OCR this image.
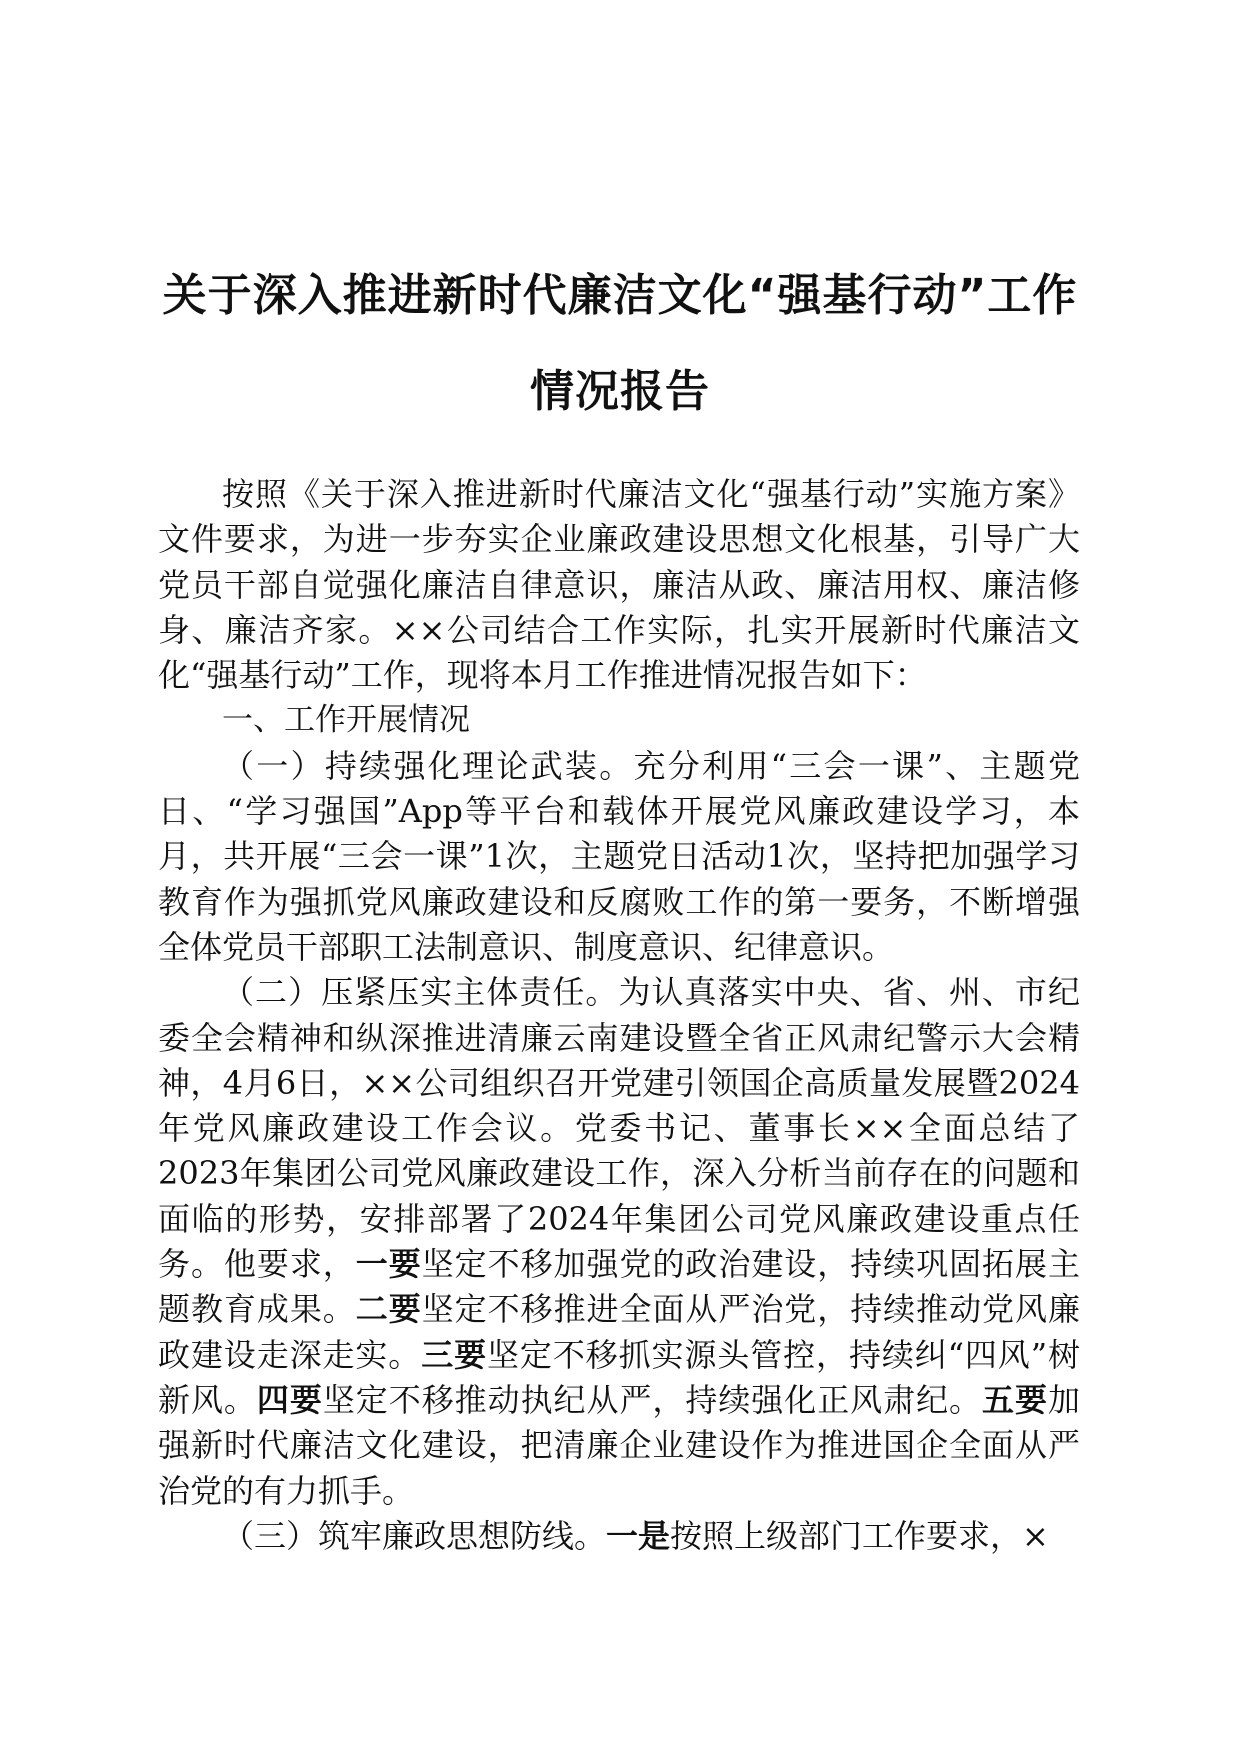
关于深入推进新时代廉洁文化“强基行动”工作情况报告

按照《关于深入推进新时代廉洁文化“强基行动”实施方案》文件要求，为进一步夯实企业廉政建设思想文化根基，引导广大党员干部自觉强化廉洁自律意识，廉洁从政、廉洁用权、廉洁修身、廉洁齐家。××公司结合工作实际，扎实开展新时代廉洁文化“强基行动”工作，现将本月工作推进情况报告如下：

一、工作开展情况

（一）持续强化理论武装。充分利用“三会一课”、主题党日、“学习强国”App等平台和载体开展党风廉政建设学习，本月，共开展“三会一课”1次，主题党日活动1次，坚持把加强学习教育作为强抓党风廉政建设和反腐败工作的第一要务，不断增强全体党员干部职工法制意识、制度意识、纪律意识。

（二）压紧压实主体责任。为认真落实中央、省、州、市纪委全会精神和纵深推进清廉云南建设暨全省正风肃纪警示大会精神，4月6日，××公司组织召开党建引领国企高质量发展暨2024年党风廉政建设工作会议。党委书记、董事长××全面总结了2023年集团公司党风廉政建设工作，深入分析当前存在的问题和面临的形势，安排部署了2024年集团公司党风廉政建设重点任务。他要求，一要坚定不移加强党的政治建设，持续巩固拓展主题教育成果。二要坚定不移推进全面从严治党，持续推动党风廉政建设走深走实。三要坚定不移抓实源头管控，持续纠“四风”树新风。四要坚定不移推动执纪从严，持续强化正风肃纪。五要加强新时代廉洁文化建设，把清廉企业建设作为推进国企全面从严治党的有力抓手。

（三）筑牢廉政思想防线。一是按照上级部门工作要求，×
